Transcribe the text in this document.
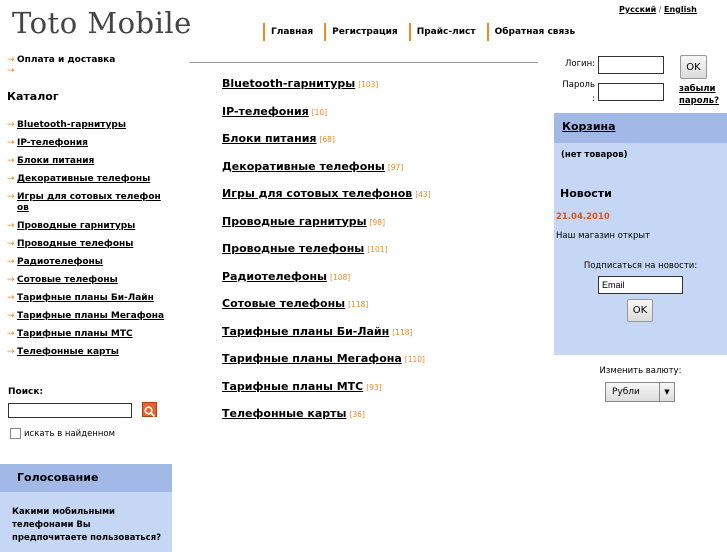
Toto Mobile	Русский / English
Главная	Регистрация	Прайс-лист	Обратная связь
→ Оплата и доставка
→
Каталог
→ Bluetooth-гарнитуры
→ IP-телефония
→ Блоки питания
→ Декоративные телефоны
→ Игры для сотовых телефонов
→ Проводные гарнитуры
→ Проводные телефоны
→ Радиотелефоны
→ Сотовые телефоны
→ Тарифные планы Би-Лайн
→ Тарифные планы Мегафона
→ Тарифные планы МТС
→ Телефонные карты
Поиск:
искать в найденном
Голосование
Какими мобильными телефонами Вы предпочитаете пользоваться?
Bluetooth-гарнитуры [103]
IP-телефония [10]
Блоки питания [68]
Декоративные телефоны [97]
Игры для сотовых телефонов [43]
Проводные гарнитуры [98]
Проводные телефоны [101]
Радиотелефоны [108]
Сотовые телефоны [118]
Тарифные планы Би-Лайн [118]
Тарифные планы Мегафона [110]
Тарифные планы МТС [93]
Телефонные карты [36]
Логин:
Пароль
:
OK
забыли
пароль?
Корзина
(нет товаров)
Новости
21.04.2010
Наш магазин открыт
Подписаться на новости:
Email
OK
Изменить валюту:
Рубли	▼
